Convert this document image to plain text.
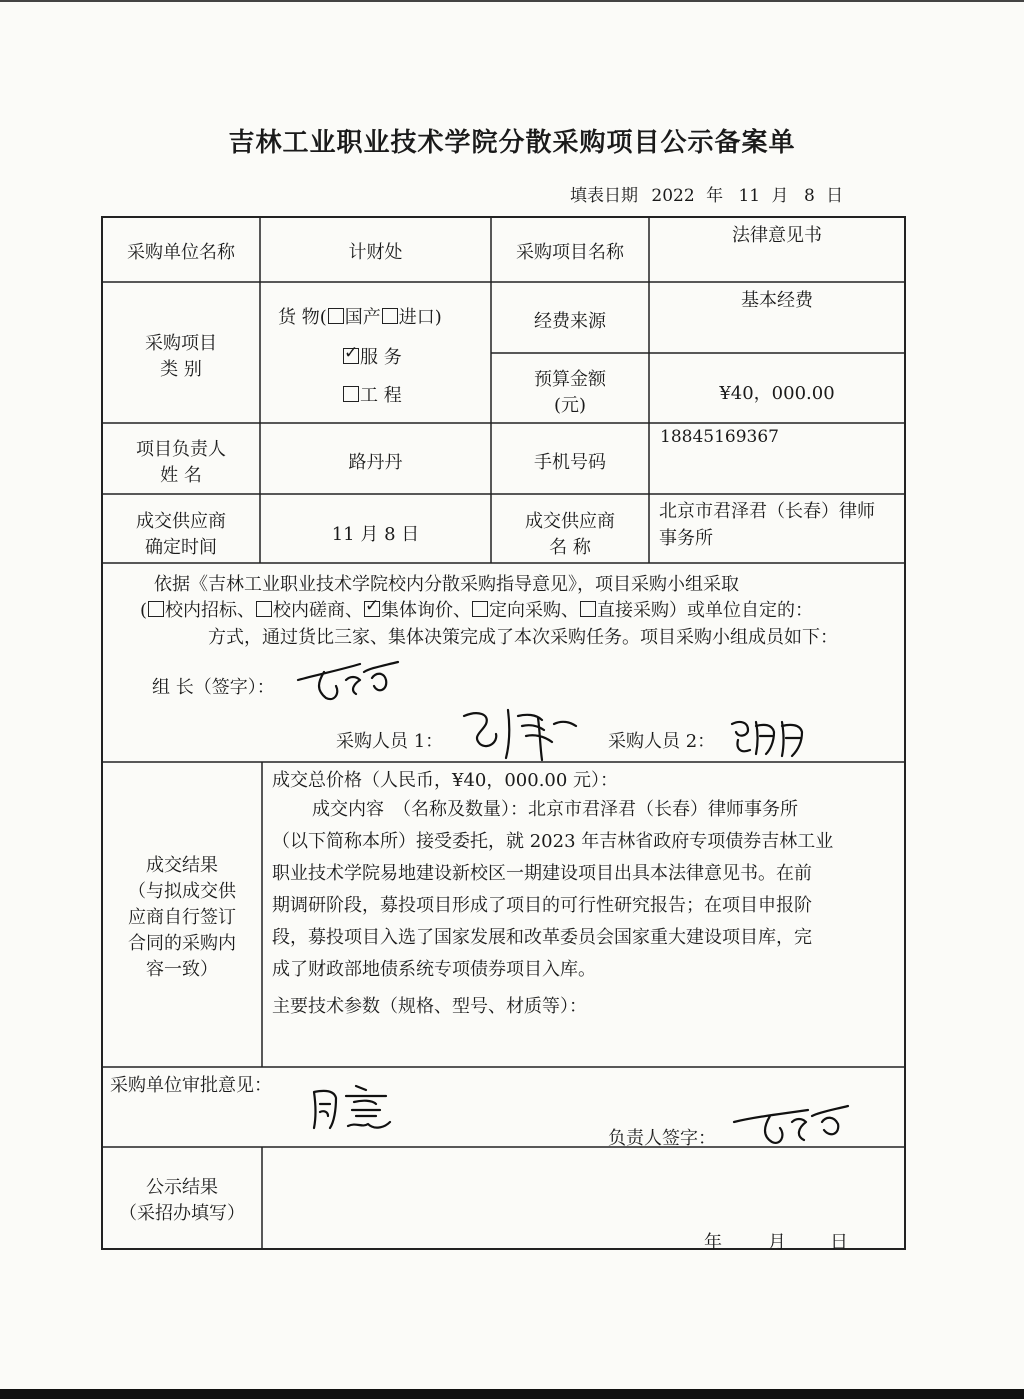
吉林工业职业技术学院分散采购项目公示备案单
填表日期 2022 年 11 月 8 日
采购单位名称	计财处	采购项目名称
法律意见书
采购项目
类 别
货 物( 国产 进口)
✓服 务
工 程
经费来源
基本经费
预算金额
(元)
¥40，000.00
项目负责人
姓 名
路丹丹	手机号码
18845169367
成交供应商
确定时间
11 月 8 日
成交供应商
名 称
北京市君泽君（长春）律师
事务所
依据《吉林工业职业技术学院校内分散采购指导意见》，项目采购小组采取
( 校内招标、 校内磋商、✓ 集体询价、 定向采购、 直接采购）或单位自定的：
方式，通过货比三家、集体决策完成了本次采购任务。项目采购小组成员如下：
组 长（签字）：
采购人员 1：	采购人员 2：
成交结果
（与拟成交供
应商自行签订
合同的采购内
容一致）
成交总价格（人民币，¥40，000.00 元）：
成交内容　（名称及数量）：北京市君泽君（长春）律师事务所
（以下简称本所）接受委托，就 2023 年吉林省政府专项债券吉林工业
职业技术学院易地建设新校区一期建设项目出具本法律意见书。在前
期调研阶段，募投项目形成了项目的可行性研究报告；在项目申报阶
段，募投项目入选了国家发展和改革委员会国家重大建设项目库，完
成了财政部地债系统专项债券项目入库。
主要技术参数（规格、型号、材质等）：
采购单位审批意见：
负责人签字：
公示结果
（采招办填写）
年	月 日
